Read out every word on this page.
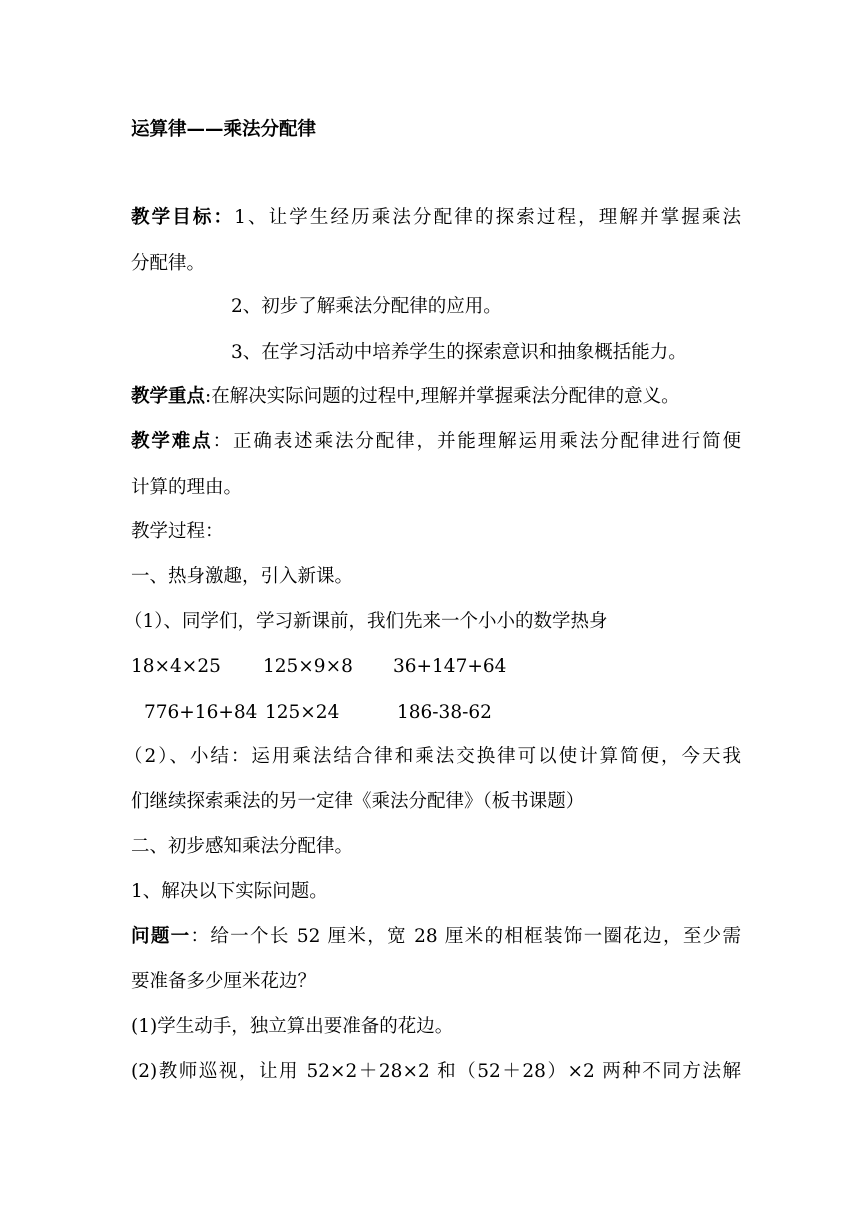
运算律——乘法分配律
教学目标：1、让学生经历乘法分配律的探索过程，理解并掌握乘法
分配律。
2、初步了解乘法分配律的应用。
3、在学习活动中培养学生的探索意识和抽象概括能力。
教学重点:在解决实际问题的过程中,理解并掌握乘法分配律的意义。
教学难点：正确表述乘法分配律，并能理解运用乘法分配律进行简便
计算的理由。
教学过程：
一、热身激趣，引入新课。
（1）、同学们，学习新课前，我们先来一个小小的数学热身
18×4×25 125×9×8 36+147+64
776+16+84 125×24	186-38-62
（2）、小结：运用乘法结合律和乘法交换律可以使计算简便，今天我
们继续探索乘法的另一定律《乘法分配律》（板书课题）
二、初步感知乘法分配律。
1、解决以下实际问题。
问题一：给一个长 52 厘米，宽 28 厘米的相框装饰一圈花边，至少需
要准备多少厘米花边？
(1)学生动手，独立算出要准备的花边。
(2)教师巡视，让用 52×2＋28×2 和（52＋28）×2 两种不同方法解
